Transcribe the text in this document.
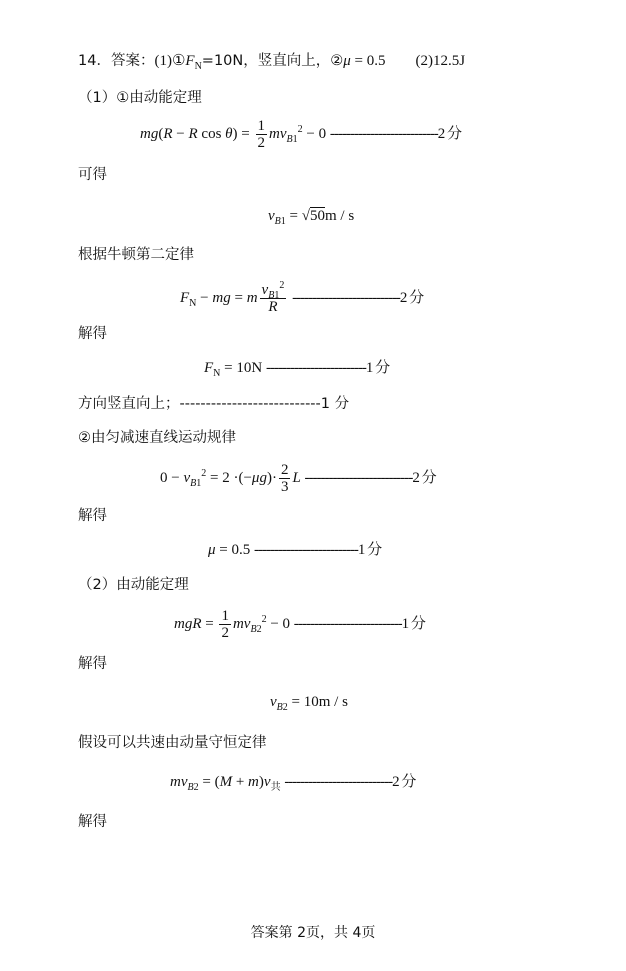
14．答案：$(1)①F_N=10N$，竖直向上，②μ = 0.5 (2)12.5J
（1）①由动能定理
mg(R − R $\cos \theta) = \frac{1}{2} mv_{B1}^2 - 0$ ---------------------------2 分
可得
$v_{B1} = √50m / s$
根据牛顿第二定律
$F_N$ − mg = m $\frac{v_{B1}^2}{R} ---------------------------2$ 分
解得
$F_N = 10N$ -------------------------1 分
方向竖直向上；---------------------------1 分
②由匀减速直线运动规律
$0 - v_{B1}^2 = 2 \cdot(-\mu g)\cdot \frac{2}{3}$ L ---------------------------2 分
解得
μ = 0.5 --------------------------1 分
（2）由动能定理
mgR = $\frac{1}{2} mv_{B2}^2 - 0$ ---------------------------1 分
解得
$v_{B2} = 10m / s$
假设可以共速由动量守恒定律
$mv_{B2} = (M + m)v_共$ ---------------------------2 分
解得
答案第 2页，共 4页
